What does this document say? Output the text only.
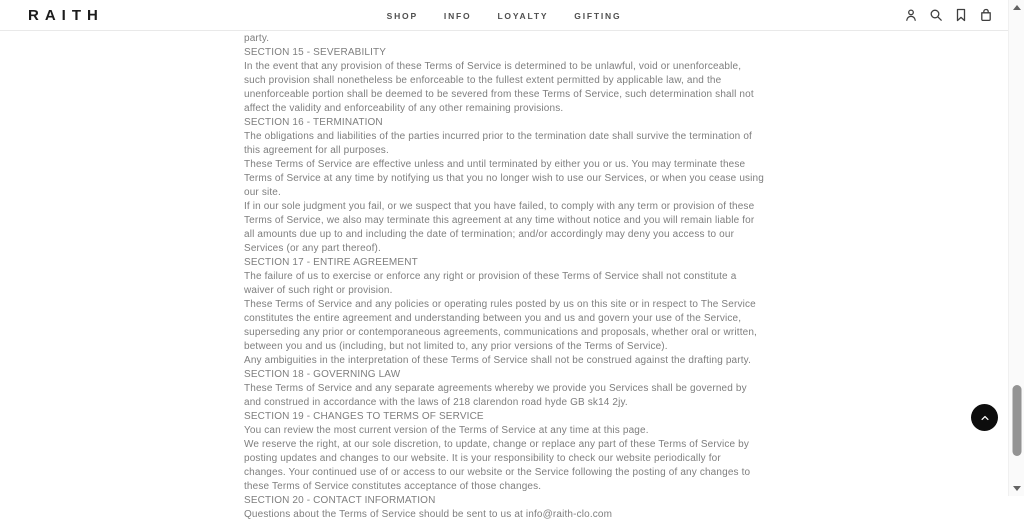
RAITH	SHOP	INFO	LOYALTY	GIFTING

party.

SECTION 15 - SEVERABILITY

In the event that any provision of these Terms of Service is determined to be unlawful, void or unenforceable, such provision shall nonetheless be enforceable to the fullest extent permitted by applicable law, and the unenforceable portion shall be deemed to be severed from these Terms of Service, such determination shall not affect the validity and enforceability of any other remaining provisions.

SECTION 16 - TERMINATION

The obligations and liabilities of the parties incurred prior to the termination date shall survive the termination of this agreement for all purposes.

These Terms of Service are effective unless and until terminated by either you or us. You may terminate these Terms of Service at any time by notifying us that you no longer wish to use our Services, or when you cease using our site.

If in our sole judgment you fail, or we suspect that you have failed, to comply with any term or provision of these Terms of Service, we also may terminate this agreement at any time without notice and you will remain liable for all amounts due up to and including the date of termination; and/or accordingly may deny you access to our Services (or any part thereof).

SECTION 17 - ENTIRE AGREEMENT

The failure of us to exercise or enforce any right or provision of these Terms of Service shall not constitute a waiver of such right or provision.

These Terms of Service and any policies or operating rules posted by us on this site or in respect to The Service constitutes the entire agreement and understanding between you and us and govern your use of the Service, superseding any prior or contemporaneous agreements, communications and proposals, whether oral or written, between you and us (including, but not limited to, any prior versions of the Terms of Service).

Any ambiguities in the interpretation of these Terms of Service shall not be construed against the drafting party.

SECTION 18 - GOVERNING LAW

These Terms of Service and any separate agreements whereby we provide you Services shall be governed by and construed in accordance with the laws of 218 clarendon road hyde GB sk14 2jy.

SECTION 19 - CHANGES TO TERMS OF SERVICE

You can review the most current version of the Terms of Service at any time at this page.

We reserve the right, at our sole discretion, to update, change or replace any part of these Terms of Service by posting updates and changes to our website. It is your responsibility to check our website periodically for changes. Your continued use of or access to our website or the Service following the posting of any changes to these Terms of Service constitutes acceptance of those changes.

SECTION 20 - CONTACT INFORMATION

Questions about the Terms of Service should be sent to us at info@raith-clo.com
